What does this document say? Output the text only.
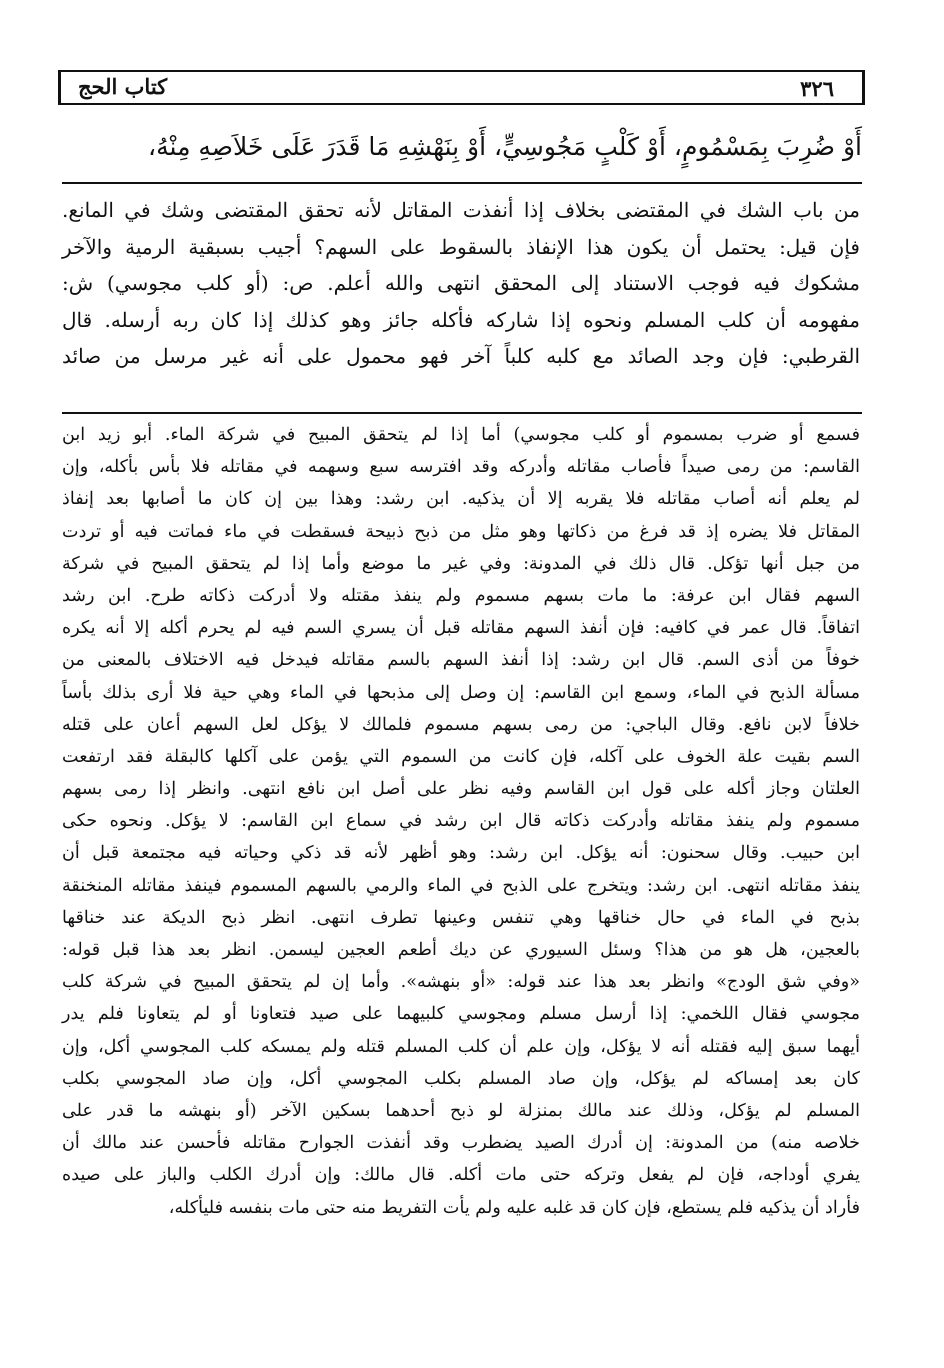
٣٢٦
كتاب الحج
أَوْ ضُرِبَ بِمَسْمُومٍ، أَوْ كَلْبٍ مَجُوسِيٍّ، أَوْ بِنَهْشِهِ مَا قَدَرَ عَلَى خَلاَصِهِ مِنْهُ،
من باب الشك في المقتضى بخلاف إذا أنفذت المقاتل لأنه تحقق المقتضى وشك في المانع.
فإن قيل: يحتمل أن يكون هذا الإنفاذ بالسقوط على السهم؟ أجيب بسبقية الرمية والآخر
مشكوك فيه فوجب الاستناد إلى المحقق انتهى والله أعلم. ص: (أو كلب مجوسي) ش:
مفهومه أن كلب المسلم ونحوه إذا شاركه فأكله جائز وهو كذلك إذا كان ربه أرسله. قال
القرطبي: فإن وجد الصائد مع كلبه كلباً آخر فهو محمول على أنه غير مرسل من صائد
فسمع أو ضرب بمسموم أو كلب مجوسي) أما إذا لم يتحقق المبيح في شركة الماء. أبو زيد ابن
القاسم: من رمى صيداً فأصاب مقاتله وأدركه وقد افترسه سبع وسهمه في مقاتله فلا بأس بأكله، وإن
لم يعلم أنه أصاب مقاتله فلا يقربه إلا أن يذكيه. ابن رشد: وهذا بين إن كان ما أصابها بعد إنفاذ
المقاتل فلا يضره إذ قد فرغ من ذكاتها وهو مثل من ذبح ذبيحة فسقطت في ماء فماتت فيه أو تردت
من جبل أنها تؤكل. قال ذلك في المدونة: وفي غير ما موضع وأما إذا لم يتحقق المبيح في شركة
السهم فقال ابن عرفة: ما مات بسهم مسموم ولم ينفذ مقتله ولا أدركت ذكاته طرح. ابن رشد
اتفاقاً. قال عمر في كافيه: فإن أنفذ السهم مقاتله قبل أن يسري السم فيه لم يحرم أكله إلا أنه يكره
خوفاً من أذى السم. قال ابن رشد: إذا أنفذ السهم بالسم مقاتله فيدخل فيه الاختلاف بالمعنى من
مسألة الذبح في الماء، وسمع ابن القاسم: إن وصل إلى مذبحها في الماء وهي حية فلا أرى بذلك بأساً
خلافاً لابن نافع. وقال الباجي: من رمى بسهم مسموم فلمالك لا يؤكل لعل السهم أعان على قتله
السم بقيت علة الخوف على آكله، فإن كانت من السموم التي يؤمن على آكلها كالبقلة فقد ارتفعت
العلتان وجاز أكله على قول ابن القاسم وفيه نظر على أصل ابن نافع انتهى. وانظر إذا رمى بسهم
مسموم ولم ينفذ مقاتله وأدركت ذكاته قال ابن رشد في سماع ابن القاسم: لا يؤكل. ونحوه حكى
ابن حبيب. وقال سحنون: أنه يؤكل. ابن رشد: وهو أظهر لأنه قد ذكي وحياته فيه مجتمعة قبل أن
ينفذ مقاتله انتهى. ابن رشد: ويتخرج على الذبح في الماء والرمي بالسهم المسموم فينفذ مقاتله المنخنقة
بذبح في الماء في حال خناقها وهي تنفس وعينها تطرف انتهى. انظر ذبح الديكة عند خناقها
بالعجين، هل هو من هذا؟ وسئل السيوري عن ديك أطعم العجين ليسمن. انظر بعد هذا قبل قوله:
«وفي شق الودج» وانظر بعد هذا عند قوله: «أو بنهشه». وأما إن لم يتحقق المبيح في شركة كلب
مجوسي فقال اللخمي: إذا أرسل مسلم ومجوسي كلبيهما على صيد فتعاونا أو لم يتعاونا فلم يدر
أيهما سبق إليه فقتله أنه لا يؤكل، وإن علم أن كلب المسلم قتله ولم يمسكه كلب المجوسي أكل، وإن
كان بعد إمساكه لم يؤكل، وإن صاد المسلم بكلب المجوسي أكل، وإن صاد المجوسي بكلب
المسلم لم يؤكل، وذلك عند مالك بمنزلة لو ذبح أحدهما بسكين الآخر (أو بنهشه ما قدر على
خلاصه منه) من المدونة: إن أدرك الصيد يضطرب وقد أنفذت الجوارح مقاتله فأحسن عند مالك أن
يفري أوداجه، فإن لم يفعل وتركه حتى مات أكله. قال مالك: وإن أدرك الكلب والباز على صيده
فأراد أن يذكيه فلم يستطع، فإن كان قد غلبه عليه ولم يأت التفريط منه حتى مات بنفسه فليأكله،
